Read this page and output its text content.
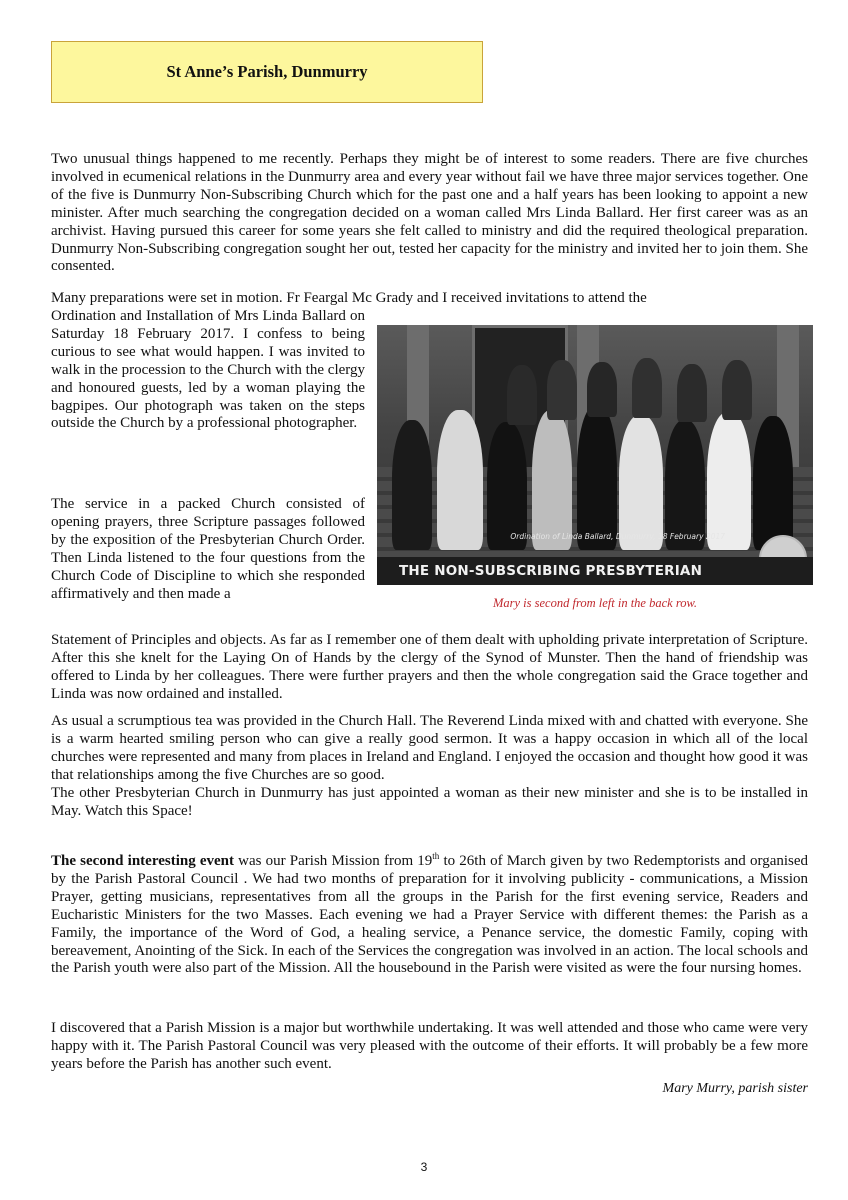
St Anne’s Parish, Dunmurry

Two unusual things happened to me recently. Perhaps they might be of interest to some readers. There are five churches involved in ecumenical relations in the Dunmurry area and every year without fail we have three major services together. One of the five is Dunmurry Non-Subscribing Church which for the past one and a half years has been looking to appoint a new minister. After much searching the congregation decided on a woman called Mrs Linda Ballard. Her first career was as an archivist. Having pursued this career for some years she felt called to ministry and did the required theological preparation. Dunmurry Non-Subscribing congregation sought her out, tested her capacity for the ministry and invited her to join them. She consented.

Many preparations were set in motion. Fr Feargal Mc Grady and I received invitations to attend the

Ordination and Installation of Mrs Linda Ballard on Saturday 18 February 2017. I confess to being curious to see what would happen. I was invited to walk in the procession to the Church with the clergy and honoured guests, led by a woman playing the bagpipes. Our photograph was taken on the steps outside the Church by a professional photographer.

The service in a packed Church consisted of opening prayers, three Scripture passages followed by the exposition of the Presbyterian Church Order. Then Linda listened to the four questions from the Church Code of Discipline to which she responded affirmatively and then made a

Statement of Principles and objects. As far as I remember one of them dealt with upholding private interpretation of Scripture. After this she knelt for the Laying On of Hands by the clergy of the Synod of Munster. Then the hand of friendship was offered to Linda by her colleagues. There were further prayers and then the whole congregation said the Grace together and Linda was now ordained and installed.

Ordination of Linda Ballard, Dunmurry, 18 February 2017
THE NON-SUBSCRIBING PRESBYTERIAN
Mary is second from left in the back row.

As usual a scrumptious tea was provided in the Church Hall. The Reverend Linda mixed with and chatted with everyone. She is a warm hearted smiling person who can give a really good sermon. It was a happy occasion in which all of the local churches were represented and many from places in Ireland and England. I enjoyed the occasion and thought how good it was that relationships among the five Churches are so good.

The other Presbyterian Church in Dunmurry has just appointed a woman as their new minister and she is to be installed in May. Watch this Space!

The second interesting event was our Parish Mission from 19th to 26th of March given by two Redemptorists and organised by the Parish Pastoral Council . We had two months of preparation for it involving publicity - communications, a Mission Prayer, getting musicians, representatives from all the groups in the Parish for the first evening service, Readers and Eucharistic Ministers for the two Masses. Each evening we had a Prayer Service with different themes: the Parish as a Family, the importance of the Word of God, a healing service, a Penance service, the domestic Family, coping with bereavement, Anointing of the Sick. In each of the Services the congregation was involved in an action. The local schools and the Parish youth were also part of the Mission. All the housebound in the Parish were visited as were the four nursing homes.

I discovered that a Parish Mission is a major but worthwhile undertaking. It was well attended and those who came were very happy with it. The Parish Pastoral Council was very pleased with the outcome of their efforts. It will probably be a few more years before the Parish has another such event.

Mary Murry, parish sister
3
